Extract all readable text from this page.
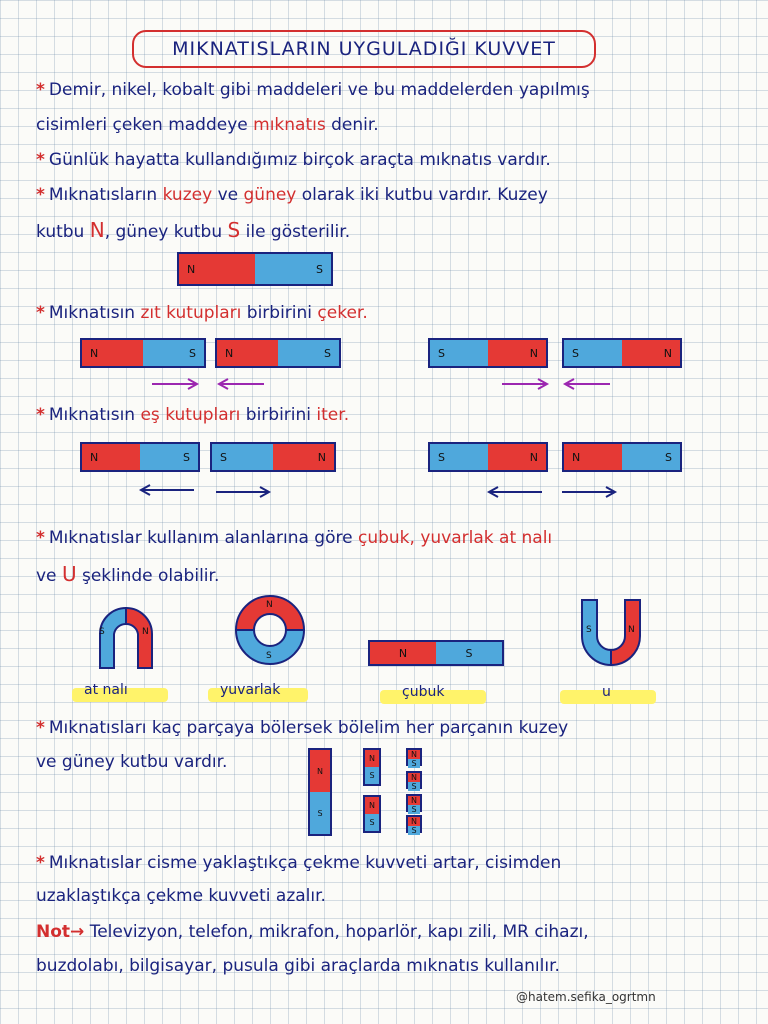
MIKNATISLARIN UYGULADIĞI KUVVET
* Demir, nikel, kobalt gibi maddeleri ve bu maddelerden yapılmış
cisimleri çeken maddeye mıknatıs denir.
* Günlük hayatta kullandığımız birçok araçta mıknatıs vardır.
* Mıknatısların kuzey ve güney olarak iki kutbu vardır. Kuzey
kutbu N, güney kutbu S ile gösterilir.
N	S
* Mıknatısın zıt kutupları birbirini çeker.
N	S	N	S	S	N	S	N
* Mıknatısın eş kutupları birbirini iter.
N	S	S	N	S	N	N	S
* Mıknatıslar kullanım alanlarına göre çubuk, yuvarlak at nalı
ve U şeklinde olabilir.
S	N
N
S	N	S
S	N
at nalı	yuvarlak	çubuk	u
* Mıknatısları kaç parçaya bölersek bölelim her parçanın kuzey
ve güney kutbu vardır.	N
S
N
S
N
S
N
S
N
S
N
S
N
S
* Mıknatıslar cisme yaklaştıkça çekme kuvveti artar, cisimden
uzaklaştıkça çekme kuvveti azalır.
Not→ Televizyon, telefon, mikrafon, hoparlör, kapı zili, MR cihazı,
buzdolabı, bilgisayar, pusula gibi araçlarda mıknatıs kullanılır.
@hatem.sefika_ogrtmn
